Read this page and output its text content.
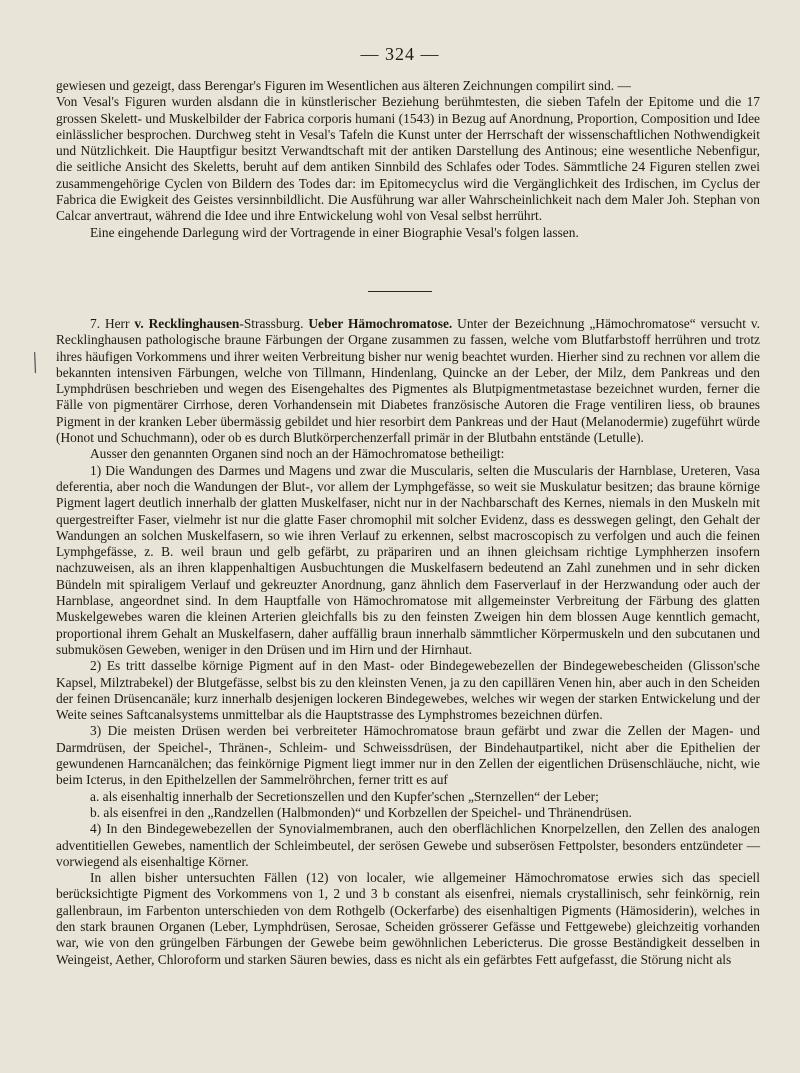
— 324 —

gewiesen und gezeigt, dass Berengar's Figuren im Wesentlichen aus älteren Zeichnungen compilirt sind. —

Von Vesal's Figuren wurden alsdann die in künstlerischer Beziehung berühmtesten, die sieben Tafeln der Epitome und die 17 grossen Skelett- und Muskelbilder der Fabrica corporis humani (1543) in Bezug auf Anordnung, Proportion, Composition und Idee einlässlicher besprochen. Durchweg steht in Vesal's Tafeln die Kunst unter der Herrschaft der wissenschaftlichen Nothwendigkeit und Nützlichkeit. Die Hauptfigur besitzt Verwandtschaft mit der antiken Darstellung des Antinous; eine wesentliche Nebenfigur, die seitliche Ansicht des Skeletts, beruht auf dem antiken Sinnbild des Schlafes oder Todes. Sämmtliche 24 Figuren stellen zwei zusammengehörige Cyclen von Bildern des Todes dar: im Epitomecyclus wird die Vergänglichkeit des Irdischen, im Cyclus der Fabrica die Ewigkeit des Geistes versinnbildlicht. Die Ausführung war aller Wahrscheinlichkeit nach dem Maler Joh. Stephan von Calcar anvertraut, während die Idee und ihre Entwickelung wohl von Vesal selbst herrührt.

Eine eingehende Darlegung wird der Vortragende in einer Biographie Vesal's folgen lassen.

╲

7. Herr v. Recklinghausen-Strassburg. Ueber Hämochromatose. Unter der Bezeichnung „Hämochromatose“ versucht v. Recklinghausen pathologische braune Färbungen der Organe zusammen zu fassen, welche vom Blutfarbstoff herrühren und trotz ihres häufigen Vorkommens und ihrer weiten Verbreitung bisher nur wenig beachtet wurden. Hierher sind zu rechnen vor allem die bekannten intensiven Färbungen, welche von Tillmann, Hindenlang, Quincke an der Leber, der Milz, dem Pankreas und den Lymphdrüsen beschrieben und wegen des Eisengehaltes des Pigmentes als Blutpigmentmetastase bezeichnet wurden, ferner die Fälle von pigmentärer Cirrhose, deren Vorhandensein mit Diabetes französische Autoren die Frage ventiliren liess, ob braunes Pigment in der kranken Leber übermässig gebildet und hier resorbirt dem Pankreas und der Haut (Melanodermie) zugeführt würde (Honot und Schuchmann), oder ob es durch Blutkörperchenzerfall primär in der Blutbahn entstände (Letulle).

Ausser den genannten Organen sind noch an der Hämochromatose betheiligt:

1) Die Wandungen des Darmes und Magens und zwar die Muscularis, selten die Muscularis der Harnblase, Ureteren, Vasa deferentia, aber noch die Wandungen der Blut-, vor allem der Lymphgefässe, so weit sie Muskulatur besitzen; das braune körnige Pigment lagert deutlich innerhalb der glatten Muskelfaser, nicht nur in der Nachbarschaft des Kernes, niemals in den Muskeln mit quergestreifter Faser, vielmehr ist nur die glatte Faser chromophil mit solcher Evidenz, dass es desswegen gelingt, den Gehalt der Wandungen an solchen Muskelfasern, so wie ihren Verlauf zu erkennen, selbst macroscopisch zu verfolgen und auch die feinen Lymphgefässe, z. B. weil braun und gelb gefärbt, zu präpariren und an ihnen gleichsam richtige Lymphherzen insofern nachzuweisen, als an ihren klappenhaltigen Ausbuchtungen die Muskelfasern bedeutend an Zahl zunehmen und in sehr dicken Bündeln mit spiraligem Verlauf und gekreuzter Anordnung, ganz ähnlich dem Faserverlauf in der Herzwandung oder auch der Harnblase, angeordnet sind. In dem Hauptfalle von Hämochromatose mit allgemeinster Verbreitung der Färbung des glatten Muskelgewebes waren die kleinen Arterien gleichfalls bis zu den feinsten Zweigen hin dem blossen Auge kenntlich gemacht, proportional ihrem Gehalt an Muskelfasern, daher auffällig braun innerhalb sämmtlicher Körpermuskeln und den subcutanen und submukösen Geweben, weniger in den Drüsen und im Hirn und der Hirnhaut.

2) Es tritt dasselbe körnige Pigment auf in den Mast- oder Bindegewebezellen der Bindegewebescheiden (Glisson'sche Kapsel, Milztrabekel) der Blutgefässe, selbst bis zu den kleinsten Venen, ja zu den capillären Venen hin, aber auch in den Scheiden der feinen Drüsencanäle; kurz innerhalb desjenigen lockeren Bindegewebes, welches wir wegen der starken Entwickelung und der Weite seines Saftcanalsystems unmittelbar als die Hauptstrasse des Lymphstromes bezeichnen dürfen.

3) Die meisten Drüsen werden bei verbreiteter Hämochromatose braun gefärbt und zwar die Zellen der Magen- und Darmdrüsen, der Speichel-, Thränen-, Schleim- und Schweissdrüsen, der Bindehautpartikel, nicht aber die Epithelien der gewundenen Harncanälchen; das feinkörnige Pigment liegt immer nur in den Zellen der eigentlichen Drüsenschläuche, nicht, wie beim Icterus, in den Epithelzellen der Sammelröhrchen, ferner tritt es auf

a. als eisenhaltig innerhalb der Secretionszellen und den Kupfer'schen „Sternzellen“ der Leber;

b. als eisenfrei in den „Randzellen (Halbmonden)“ und Korbzellen der Speichel- und Thränendrüsen.

4) In den Bindegewebezellen der Synovialmembranen, auch den oberflächlichen Knorpelzellen, den Zellen des analogen adventitiellen Gewebes, namentlich der Schleimbeutel, der serösen Gewebe und subserösen Fettpolster, besonders entzündeter — vorwiegend als eisenhaltige Körner.

In allen bisher untersuchten Fällen (12) von localer, wie allgemeiner Hämochromatose erwies sich das speciell berücksichtigte Pigment des Vorkommens von 1, 2 und 3 b constant als eisenfrei, niemals crystallinisch, sehr feinkörnig, rein gallenbraun, im Farbenton unterschieden von dem Rothgelb (Ockerfarbe) des eisenhaltigen Pigments (Hämosiderin), welches in den stark braunen Organen (Leber, Lymphdrüsen, Serosae, Scheiden grösserer Gefässe und Fettgewebe) gleichzeitig vorhanden war, wie von den grüngelben Färbungen der Gewebe beim gewöhnlichen Lebericterus. Die grosse Beständigkeit desselben in Weingeist, Aether, Chloroform und starken Säuren bewies, dass es nicht als ein gefärbtes Fett aufgefasst, die Störung nicht als
